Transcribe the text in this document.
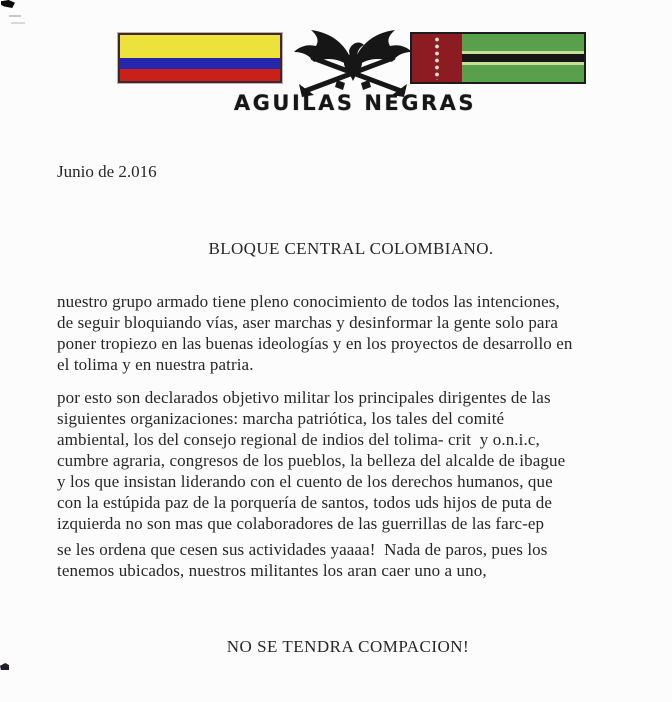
AGUILAS NEGRAS
Junio de 2.016
BLOQUE CENTRAL COLOMBIANO.
nuestro grupo armado tiene pleno conocimiento de todos las intenciones,
de seguir bloquiando vías, aser marchas y desinformar la gente solo para
poner tropiezo en las buenas ideologías y en los proyectos de desarrollo en
el tolima y en nuestra patria.
por esto son declarados objetivo militar los principales dirigentes de las
siguientes organizaciones: marcha patriótica, los tales del comité
ambiental, los del consejo regional de indios del tolima- crit  y o.n.i.c,
cumbre agraria, congresos de los pueblos, la belleza del alcalde de ibague
y los que insistan liderando con el cuento de los derechos humanos, que
con la estúpida paz de la porquería de santos, todos uds hijos de puta de
izquierda no son mas que colaboradores de las guerrillas de las farc-ep
se les ordena que cesen sus actividades yaaaa!  Nada de paros, pues los
tenemos ubicados, nuestros militantes los aran caer uno a uno,
NO SE TENDRA COMPACION!
